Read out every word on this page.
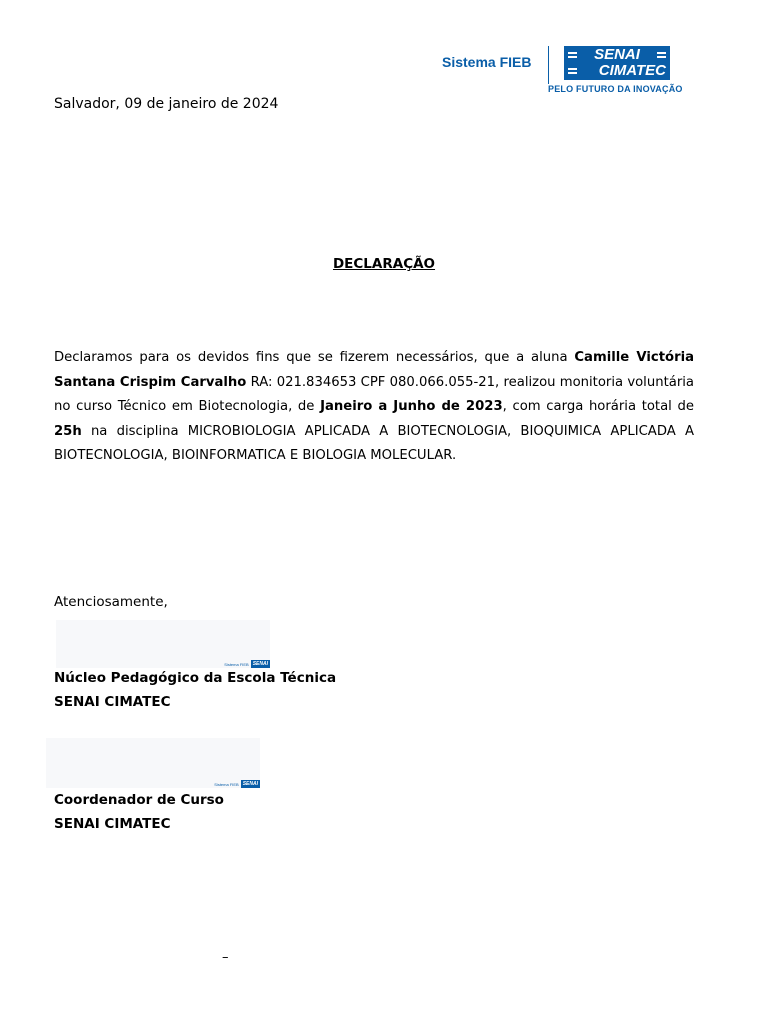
Sistema FIEB	SENAI
CIMATEC
PELO FUTURO DA INOVAÇÃO
Salvador, 09 de janeiro de 2024
DECLARAÇÃO

Declaramos para os devidos fins que se fizerem necessários, que a aluna Camille Victória Santana Crispim Carvalho RA: 021.834653 CPF 080.066.055-21, realizou monitoria voluntária no curso Técnico em Biotecnologia, de Janeiro a Junho de 2023, com carga horária total de 25h na disciplina MICROBIOLOGIA APLICADA A BIOTECNOLOGIA, BIOQUIMICA APLICADA A BIOTECNOLOGIA, BIOINFORMATICA E BIOLOGIA MOLECULAR.

Atenciosamente,
Sistema FIEB SENAI
Núcleo Pedagógico da Escola Técnica
SENAI CIMATEC
Sistema FIEB SENAI
Coordenador de Curso
SENAI CIMATEC
–
